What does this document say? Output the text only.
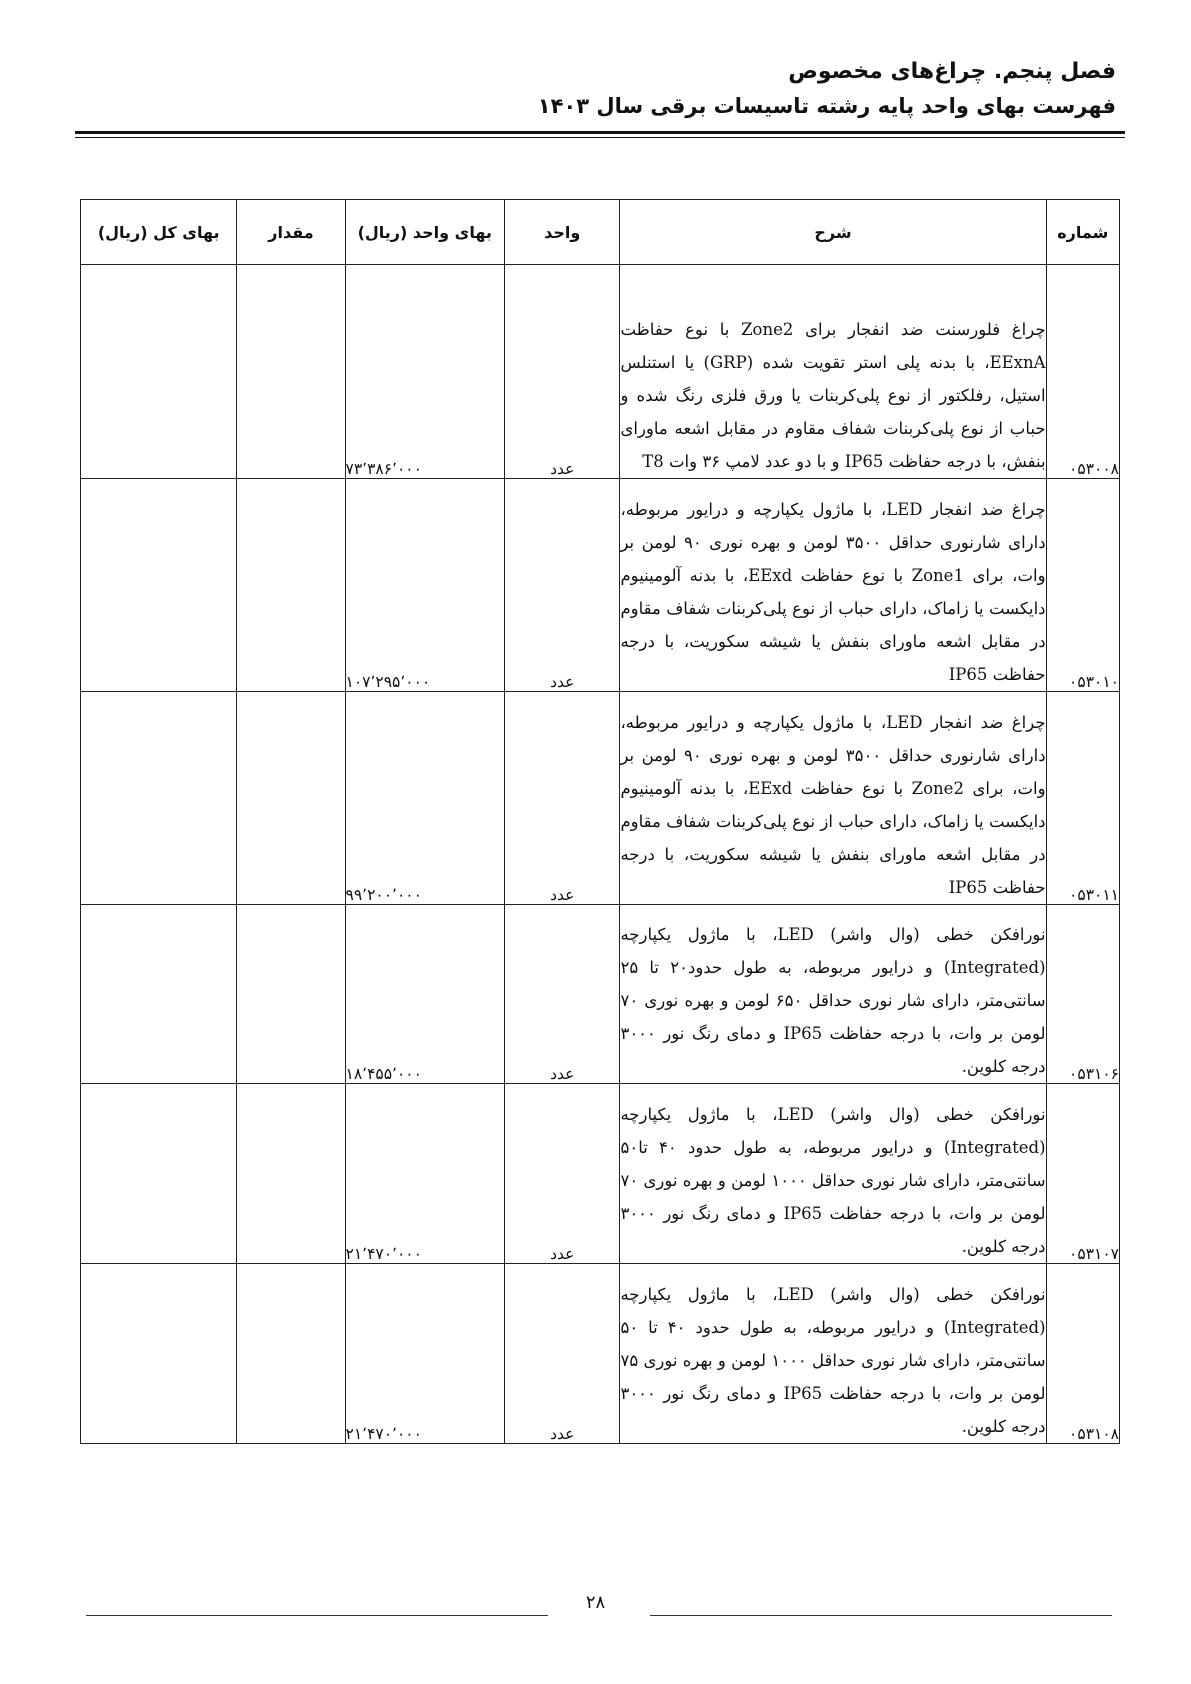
فصل پنجم. چراغ‌های مخصوص
فهرست بهای واحد پایه رشته تاسیسات برقی سال ۱۴۰۳
شماره	شرح	واحد	بهای واحد (ریال)	مقدار	بهای کل (ریال)
۰۵۳۰۰۸	چراغ فلورسنت ضد انفجار برای Zone2 با نوع حفاظت EExnA، با بدنه پلی استر تقویت شده (GRP) یا استنلس استیل، رفلکتور از نوع پلی‌کربنات یا ورق فلزی رنگ شده و حباب از نوع پلی‌کربنات شفاف مقاوم در مقابل اشعه ماورای بنفش، با درجه حفاظت IP65 و با دو عدد لامپ ۳۶ وات T8	عدد	۷۳٬۳۸۶٬۰۰۰		
۰۵۳۰۱۰	چراغ ضد انفجار LED، با ماژول یکپارچه و درایور مربوطه، دارای شارنوری حداقل ۳۵۰۰ لومن و بهره نوری ۹۰ لومن بر وات، برای Zone1 با نوع حفاظت EExd، با بدنه آلومینیوم دایکست یا زاماک، دارای حباب از نوع پلی‌کربنات شفاف مقاوم در مقابل اشعه ماورای بنفش یا شیشه سکوریت، با درجه حفاظت IP65	عدد	۱۰۷٬۲۹۵٬۰۰۰		
۰۵۳۰۱۱	چراغ ضد انفجار LED، با ماژول یکپارچه و درایور مربوطه، دارای شارنوری حداقل ۳۵۰۰ لومن و بهره نوری ۹۰ لومن بر وات، برای Zone2 با نوع حفاظت EExd، با بدنه آلومینیوم دایکست یا زاماک، دارای حباب از نوع پلی‌کربنات شفاف مقاوم در مقابل اشعه ماورای بنفش یا شیشه سکوریت، با درجه حفاظت IP65	عدد	۹۹٬۲۰۰٬۰۰۰		
۰۵۳۱۰۶	نورافکن خطی (وال واشر) LED، با ماژول یکپارچه (Integrated) و درایور مربوطه، به طول حدود۲۰ تا ۲۵ سانتی‌متر، دارای شار نوری حداقل ۶۵۰ لومن و بهره نوری ۷۰ لومن بر وات، با درجه حفاظت IP65 و دمای رنگ نور ۳۰۰۰ درجه کلوین.	عدد	۱۸٬۴۵۵٬۰۰۰		
۰۵۳۱۰۷	نورافکن خطی (وال واشر) LED، با ماژول یکپارچه (Integrated) و درایور مربوطه، به طول حدود ۴۰ تا۵۰ سانتی‌متر، دارای شار نوری حداقل ۱۰۰۰ لومن و بهره نوری ۷۰ لومن بر وات، با درجه حفاظت IP65 و دمای رنگ نور ۳۰۰۰ درجه کلوین.	عدد	۲۱٬۴۷۰٬۰۰۰		
۰۵۳۱۰۸	نورافکن خطی (وال واشر) LED، با ماژول یکپارچه (Integrated) و درایور مربوطه، به طول حدود ۴۰ تا ۵۰ سانتی‌متر، دارای شار نوری حداقل ۱۰۰۰ لومن و بهره نوری ۷۵ لومن بر وات، با درجه حفاظت IP65 و دمای رنگ نور ۳۰۰۰ درجه کلوین.	عدد	۲۱٬۴۷۰٬۰۰۰		
۲۸
